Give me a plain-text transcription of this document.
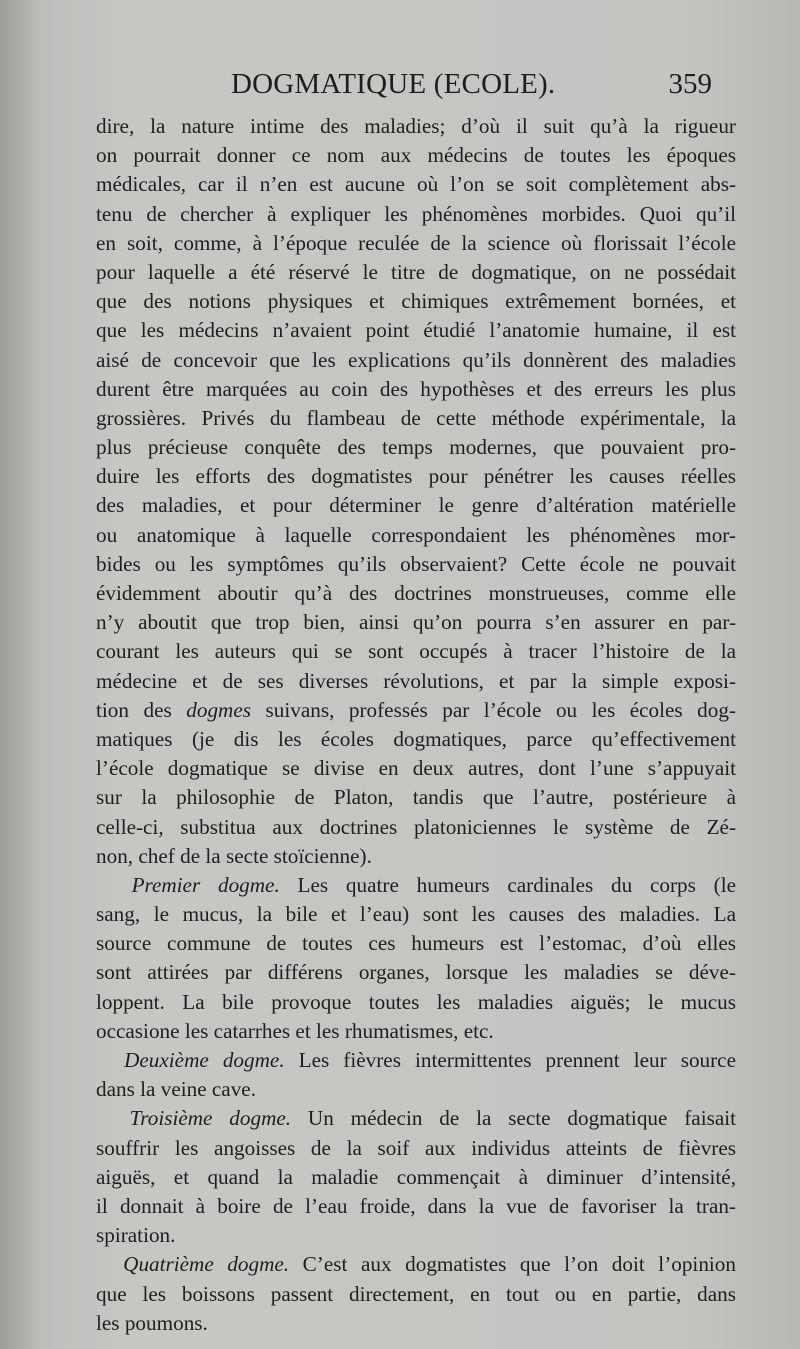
DOGMATIQUE (ECOLE).	359
dire, la nature intime des maladies; d’où il suit qu’à la rigueur
on pourrait donner ce nom aux médecins de toutes les époques
médicales, car il n’en est aucune où l’on se soit complètement abs-
tenu de chercher à expliquer les phénomènes morbides. Quoi qu’il
en soit, comme, à l’époque reculée de la science où florissait l’école
pour laquelle a été réservé le titre de dogmatique, on ne possédait
que des notions physiques et chimiques extrêmement bornées, et
que les médecins n’avaient point étudié l’anatomie humaine, il est
aisé de concevoir que les explications qu’ils donnèrent des maladies
durent être marquées au coin des hypothèses et des erreurs les plus
grossières. Privés du flambeau de cette méthode expérimentale, la
plus précieuse conquête des temps modernes, que pouvaient pro-
duire les efforts des dogmatistes pour pénétrer les causes réelles
des maladies, et pour déterminer le genre d’altération matérielle
ou anatomique à laquelle correspondaient les phénomènes mor-
bides ou les symptômes qu’ils observaient? Cette école ne pouvait
évidemment aboutir qu’à des doctrines monstrueuses, comme elle
n’y aboutit que trop bien, ainsi qu’on pourra s’en assurer en par-
courant les auteurs qui se sont occupés à tracer l’histoire de la
médecine et de ses diverses révolutions, et par la simple exposi-
tion des dogmes suivans, professés par l’école ou les écoles dog-
matiques (je dis les écoles dogmatiques, parce qu’effectivement
l’école dogmatique se divise en deux autres, dont l’une s’appuyait
sur la philosophie de Platon, tandis que l’autre, postérieure à
celle-ci, substitua aux doctrines platoniciennes le système de Zé-
non, chef de la secte stoïcienne).
Premier dogme. Les quatre humeurs cardinales du corps (le
sang, le mucus, la bile et l’eau) sont les causes des maladies. La
source commune de toutes ces humeurs est l’estomac, d’où elles
sont attirées par différens organes, lorsque les maladies se déve-
loppent. La bile provoque toutes les maladies aiguës; le mucus
occasione les catarrhes et les rhumatismes, etc.
Deuxième dogme. Les fièvres intermittentes prennent leur source
dans la veine cave.
Troisième dogme. Un médecin de la secte dogmatique faisait
souffrir les angoisses de la soif aux individus atteints de fièvres
aiguës, et quand la maladie commençait à diminuer d’intensité,
il donnait à boire de l’eau froide, dans la vue de favoriser la tran-
spiration.
Quatrième dogme. C’est aux dogmatistes que l’on doit l’opinion
que les boissons passent directement, en tout ou en partie, dans
les poumons.
